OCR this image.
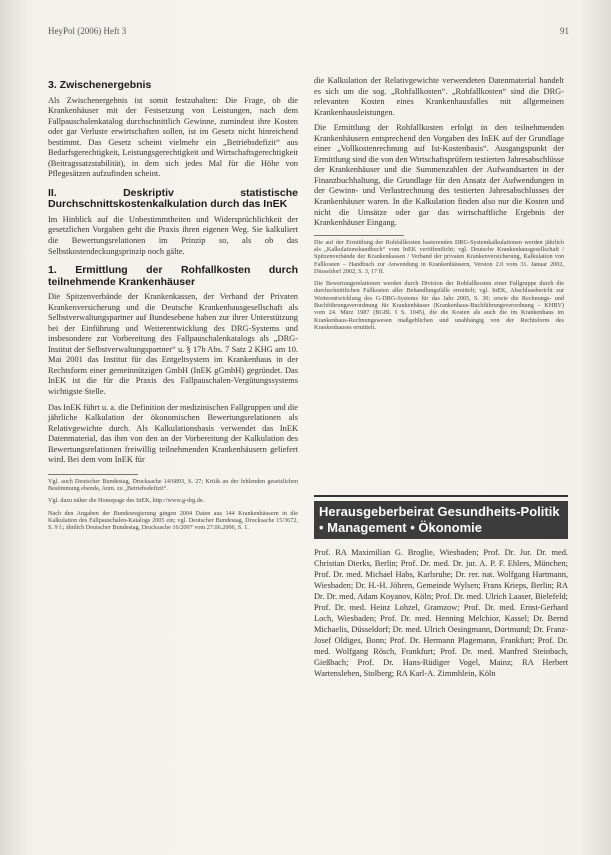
HeyPol (2006) Heft 3	91
3. Zwischenergebnis

Als Zwischenergebnis ist somit festzuhalten: Die Frage, ob die Krankenhäuser mit der Festsetzung von Leistungen, nach dem Fallpauschalenkatalog durchschnittlich Gewinne, zumindest ihre Kosten oder gar Verluste erwirtschaften sollen, ist im Gesetz nicht hinreichend bestimmt. Das Gesetz scheint vielmehr ein „Betriebsdefizit“ aus Bedarfsgerechtigkeit, Leistungsgerechtigkeit und Wirtschaftsgerechtigkeit (Beitragssatzstabilität), in dem sich jedes Mal für die Höhe von Pflegesätzen aufzufinden scheint.

II. Deskriptiv statistische Durchschnittskostenkalkulation durch das InEK

Im Hinblick auf die Unbestimmtheiten und Widersprüchlichkeit der gesetzlichen Vorgaben geht die Praxis ihren eigenen Weg. Sie kalkuliert die Bewertungsrelationen im Prinzip so, als ob das Selbstkostendeckungsprinzip noch gälte.

1. Ermittlung der Rohfallkosten durch teilnehmende Krankenhäuser

Die Spitzenverbände der Krankenkassen, der Verband der Privaten Krankenversicherung und die Deutsche Krankenhausgesellschaft als Selbstverwaltungspartner auf Bundesebene haben zur ihrer Unterstützung bei der Einführung und Weiterentwicklung des DRG-Systems und insbesondere zur Vorbereitung des Fallpauschalenkatalogs als „DRG-Institut der Selbstverwaltungspartner“ u. § 17b Abs. 7 Satz 2 KHG am 10. Mai 2001 das Institut für das Entgeltsystem im Krankenhaus in der Rechtsform einer gemeinnützigen GmbH (InEK gGmbH) gegründet. Das InEK ist die für die Praxis des Fallpauschalen-Vergütungssystems wichtigste Stelle.

Das InEK führt u. a. die Definition der medizinischen Fallgruppen und die jährliche Kalkulation der ökonomischen Bewertungsrelationen als Relativgewichte durch. Als Kalkulationsbasis verwendet das InEK Datenmaterial, das ihm von den an der Vorbereitung der Kalkulation des Bewertungsrelationen freiwillig teilnehmenden Krankenhäusern geliefert wird. Bei dem vom InEK für

Vgl. auch Deutscher Bundestag, Drucksache 14/6893, S. 27; Kritik an der fehlenden gesetzlichen Bestimmung ebenda, Anm. zu „Betriebsdefizit“.

Vgl. dazu näher die Homepage des InEK, http://www.g-drg.de.

Nach den Angaben der Bundesregierung gingen 2004 Daten aus 144 Krankenhäusern in die Kalkulation des Fallpauschalen-Katalogs 2005 ein; vgl. Deutscher Bundestag, Drucksache 15/3672, S. 9 f.; ähnlich Deutscher Bundestag, Drucksache 16/2007 vom 27.06.2006, S. 1.

die Kalkulation der Relativgewichte verwendeten Datenmaterial handelt es sich um die sog. „Rohfallkosten“. „Rohfallkosten“ sind die DRG-relevanten Kosten eines Krankenhausfalles mit allgemeinen Krankenhausleistungen.

Die Ermittlung der Rohfallkosten erfolgt in den teilnehmenden Krankenhäusern entsprechend den Vorgaben des InEK auf der Grundlage einer „Vollkostenrechnung auf Ist-Kostenbasis“. Ausgangspunkt der Ermittlung sind die von den Wirtschaftsprüfern testierten Jahresabschlüsse der Krankenhäuser und die Summenzahlen der Aufwandsarten in der Finanzbuchhaltung, die Grundlage für den Ansatz der Aufwendungen in der Gewinn- und Verlustrechnung des testierten Jahresabschlusses der Krankenhäuser waren. In die Kalkulation finden also nur die Kosten und nicht die Umsätze oder gar das wirtschaftliche Ergebnis der Krankenhäuser Eingang.

Die auf der Ermittlung der Rohfallkosten basierenden DRG-Systemkalkulationen werden jährlich als „Kalkulationshandbuch“ vom InEK veröffentlicht; vgl. Deutsche Krankenhausgesellschaft / Spitzenverbände der Krankenkassen / Verband der privaten Krankenversicherung, Kalkulation von Fallkosten – Handbuch zur Anwendung in Krankenhäusern, Version 2.0 vom 31. Januar 2002, Düsseldorf 2002, S. 3, 17 ff.

Die Bewertungsrelationen werden durch Division der Rohfallkosten einer Fallgruppe durch die durchschnittlichen Fallkosten aller Behandlungsfälle ermittelt; vgl. InEK, Abschlussbericht zur Weiterentwicklung des G-DRG-Systems für das Jahr 2005, S. 30; sowie die Rechnungs- und Buchführungsverordnung für Krankenhäuser (Krankenhaus-Buchführungsverordnung – KHBV) vom 24. März 1987 (BGBl. I S. 1045), die die Kosten als auch die im Krankenhaus im Krankenhaus-Rechnungswesen maßgeblichen und unabhängig von der Rechtsform des Krankenhauses ermittelt.

Herausgeberbeirat Gesundheits-Politik • Management • Ökonomie
Prof. RA Maximilian G. Broglie, Wiesbaden; Prof. Dr. Jur. Dr. med. Christian Dierks, Berlin; Prof. Dr. med. Dr. jur. A. P. F. Ehlers, München; Prof. Dr. med. Michael Habs, Karlsruhe; Dr. rer. nat. Wolfgang Hartmann, Wiesbaden; Dr. H.-H. Jöhren, Gemeinde Wylsen; Frans Krieps, Berlin; RA Dr. Dr. med. Adam Koyanov, Köln; Prof. Dr. med. Ulrich Laaser, Bielefeld; Prof. Dr. med. Heinz Lohzel, Gramzow; Prof. Dr. med. Ernst-Gerhard Loch, Wiesbaden; Prof. Dr. med. Henning Melchior, Kassel; Dr. Bernd Michaelis, Düsseldorf; Dr. med. Ulrich Oesingmann, Dortmund; Dr. Franz-Josef Oldiges, Bonn; Prof. Dr. Hermann Plagemann, Frankfurt; Prof. Dr. med. Wolfgang Rösch, Frankfurt; Prof. Dr. med. Manfred Steinbach, Gießbach; Prof. Dr. Hans-Rüdiger Vogel, Mainz; RA Herbert Wartensleben, Stolberg; RA Karl-A. Zimmhlein, Köln
